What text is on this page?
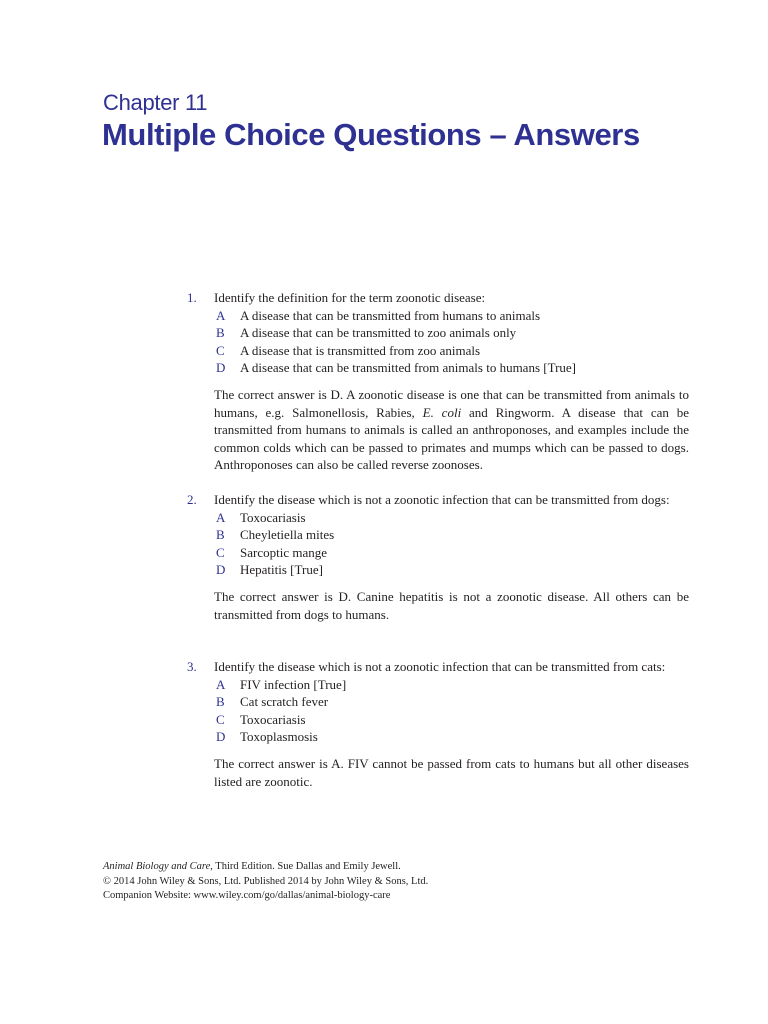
Chapter 11
Multiple Choice Questions – Answers
1. Identify the definition for the term zoonotic disease:
A A disease that can be transmitted from humans to animals
B A disease that can be transmitted to zoo animals only
C A disease that is transmitted from zoo animals
D A disease that can be transmitted from animals to humans [True]
The correct answer is D. A zoonotic disease is one that can be transmitted from animals to humans, e.g. Salmonellosis, Rabies, E. coli and Ringworm. A disease that can be transmitted from humans to animals is called an anthroponoses, and examples include the common colds which can be passed to primates and mumps which can be passed to dogs. Anthroponoses can also be called reverse zoonoses.
2. Identify the disease which is not a zoonotic infection that can be transmitted from dogs:
A Toxocariasis
B Cheyletiella mites
C Sarcoptic mange
D Hepatitis [True]
The correct answer is D. Canine hepatitis is not a zoonotic disease. All others can be transmitted from dogs to humans.
3. Identify the disease which is not a zoonotic infection that can be transmitted from cats:
A FIV infection [True]
B Cat scratch fever
C Toxocariasis
D Toxoplasmosis
The correct answer is A. FIV cannot be passed from cats to humans but all other diseases listed are zoonotic.
Animal Biology and Care, Third Edition. Sue Dallas and Emily Jewell.
© 2014 John Wiley & Sons, Ltd. Published 2014 by John Wiley & Sons, Ltd.
Companion Website: www.wiley.com/go/dallas/animal-biology-care
